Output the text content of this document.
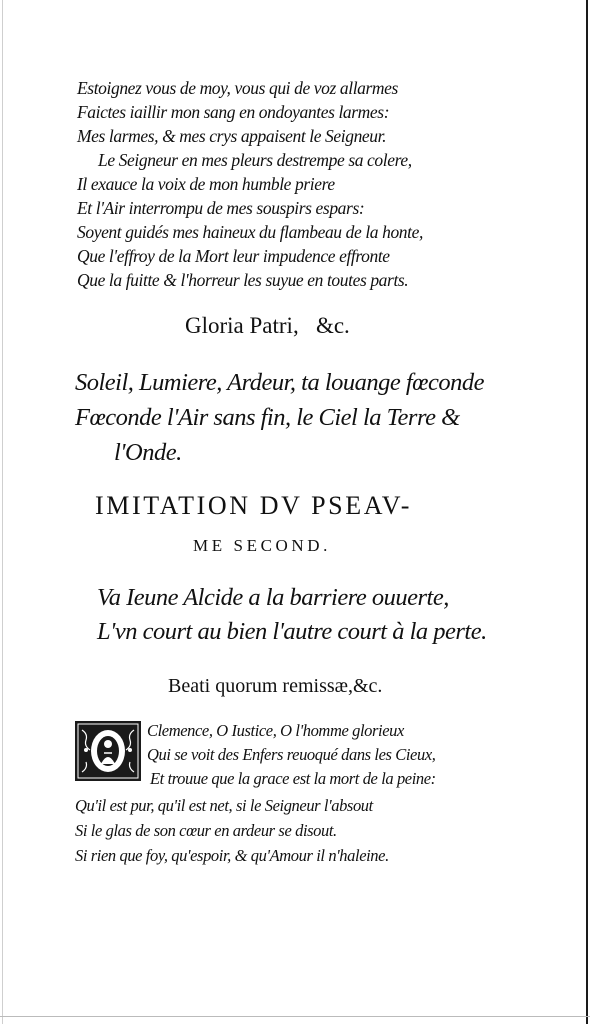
Estoignez vous de moy, vous qui de voz allarmes
Faictes iaillir mon sang en ondoyantes larmes:
Mes larmes, & mes crys appaisent le Seigneur.
Le Seigneur en mes pleurs destrempe sa colere,
Il exauce la voix de mon humble priere
Et l'Air interrompu de mes souspirs espars:
Soyent guidés mes haineux du flambeau de la honte,
Que l'effroy de la Mort leur impudence effronte
Que la fuitte & l'horreur les suyue en toutes parts.
Gloria Patri,   &c.
Soleil, Lumiere, Ardeur, ta louange fœconde
Fœconde l'Air sans fin, le Ciel la Terre &
l'Onde.
IMITATION DV PSEAV-
ME SECOND.
Va Ieune Alcide a la barriere ouuerte,
L'vn court au bien l'autre court à la perte.
Beati quorum remissæ,&c.
Clemence, O Iustice, O l'homme glorieux
Qui se voit des Enfers reuoqué dans les Cieux,
Et trouue que la grace est la mort de la peine:
Qu'il est pur, qu'il est net, si le Seigneur l'absout
Si le glas de son cœur en ardeur se disout.
Si rien que foy, qu'espoir, & qu'Amour il n'haleine.
